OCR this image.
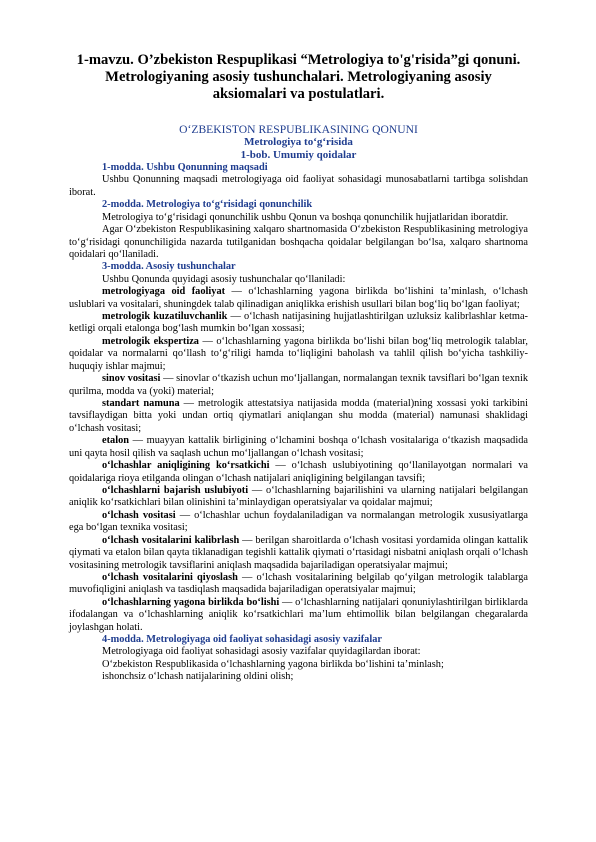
1-mavzu. O’zbekiston Respuplikasi “Metrologiya to'g'risida”gi qonuni. Metrologiyaning asosiy tushunchalari. Metrologiyaning asosiy aksiomalari va postulatlari.
O‘ZBEKISTON RESPUBLIKASINING QONUNI
Metrologiya to‘g‘risida
1-bob. Umumiy qoidalar

1-modda. Ushbu Qonunning maqsadi

Ushbu Qonunning maqsadi metrologiyaga oid faoliyat sohasidagi munosabatlarni tartibga solishdan iborat.

2-modda. Metrologiya to‘g‘risidagi qonunchilik

Metrologiya to‘g‘risidagi qonunchilik ushbu Qonun va boshqa qonunchilik hujjatlaridan iboratdir.

Agar O‘zbekiston Respublikasining xalqaro shartnomasida O‘zbekiston Respublikasining metrologiya to‘g‘risidagi qonunchiligida nazarda tutilganidan boshqacha qoidalar belgilangan bo‘lsa, xalqaro shartnoma qoidalari qo‘llaniladi.

3-modda. Asosiy tushunchalar

Ushbu Qonunda quyidagi asosiy tushunchalar qo‘llaniladi:

metrologiyaga oid faoliyat — o‘lchashlarning yagona birlikda bo‘lishini ta’minlash, o‘lchash uslublari va vositalari, shuningdek talab qilinadigan aniqlikka erishish usullari bilan bog‘liq bo‘lgan faoliyat;

metrologik kuzatiluvchanlik — o‘lchash natijasining hujjatlashtirilgan uzluksiz kalibrlashlar ketma-ketligi orqali etalonga bog‘lash mumkin bo‘lgan xossasi;

metrologik ekspertiza — o‘lchashlarning yagona birlikda bo‘lishi bilan bog‘liq metrologik talablar, qoidalar va normalarni qo‘llash to‘g‘riligi hamda to‘liqligini baholash va tahlil qilish bo‘yicha tashkiliy-huquqiy ishlar majmui;

sinov vositasi — sinovlar o‘tkazish uchun mo‘ljallangan, normalangan texnik tavsiflari bo‘lgan texnik qurilma, modda va (yoki) material;

standart namuna — metrologik attestatsiya natijasida modda (material)ning xossasi yoki tarkibini tavsiflaydigan bitta yoki undan ortiq qiymatlari aniqlangan shu modda (material) namunasi shaklidagi o‘lchash vositasi;

etalon — muayyan kattalik birligining o‘lchamini boshqa o‘lchash vositalariga o‘tkazish maqsadida uni qayta hosil qilish va saqlash uchun mo‘ljallangan o‘lchash vositasi;

o‘lchashlar aniqligining ko‘rsatkichi — o‘lchash uslubiyotining qo‘llanilayotgan normalari va qoidalariga rioya etilganda olingan o‘lchash natijalari aniqligining belgilangan tavsifi;

o‘lchashlarni bajarish uslubiyoti — o‘lchashlarning bajarilishini va ularning natijalari belgilangan aniqlik ko‘rsatkichlari bilan olinishini ta’minlaydigan operatsiyalar va qoidalar majmui;

o‘lchash vositasi — o‘lchashlar uchun foydalaniladigan va normalangan metrologik xususiyatlarga ega bo‘lgan texnika vositasi;

o‘lchash vositalarini kalibrlash — berilgan sharoitlarda o‘lchash vositasi yordamida olingan kattalik qiymati va etalon bilan qayta tiklanadigan tegishli kattalik qiymati o‘rtasidagi nisbatni aniqlash orqali o‘lchash vositasining metrologik tavsiflarini aniqlash maqsadida bajariladigan operatsiyalar majmui;

o‘lchash vositalarini qiyoslash — o‘lchash vositalarining belgilab qo‘yilgan metrologik talablarga muvofiqligini aniqlash va tasdiqlash maqsadida bajariladigan operatsiyalar majmui;

o‘lchashlarning yagona birlikda bo‘lishi — o‘lchashlarning natijalari qonuniylashtirilgan birliklarda ifodalangan va o‘lchashlarning aniqlik ko‘rsatkichlari ma’lum ehtimollik bilan belgilangan chegaralarda joylashgan holati.

4-modda. Metrologiyaga oid faoliyat sohasidagi asosiy vazifalar

Metrologiyaga oid faoliyat sohasidagi asosiy vazifalar quyidagilardan iborat:

O‘zbekiston Respublikasida o‘lchashlarning yagona birlikda bo‘lishini ta’minlash;

ishonchsiz o‘lchash natijalarining oldini olish;
